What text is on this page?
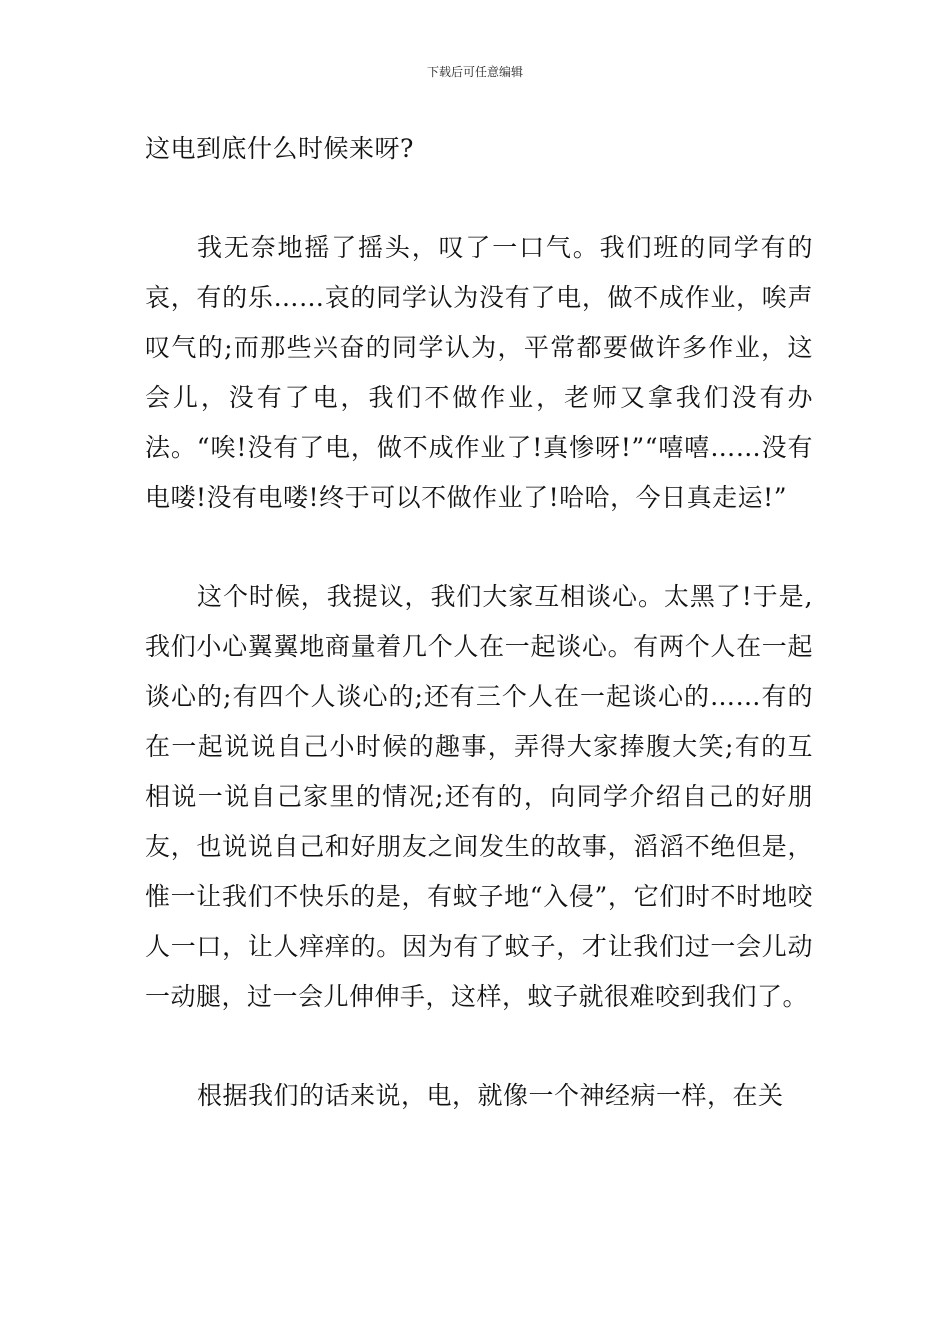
下载后可任意编辑

这电到底什么时候来呀?

我无奈地摇了摇头，叹了一口气。我们班的同学有的哀，有的乐……哀的同学认为没有了电，做不成作业，唉声叹气的;而那些兴奋的同学认为，平常都要做许多作业，这会儿，没有了电，我们不做作业，老师又拿我们没有办法。“唉!没有了电，做不成作业了!真惨呀!”“嘻嘻……没有电喽!没有电喽!终于可以不做作业了!哈哈，今日真走运!”

这个时候，我提议，我们大家互相谈心。太黑了!于是,我们小心翼翼地商量着几个人在一起谈心。有两个人在一起谈心的;有四个人谈心的;还有三个人在一起谈心的……有的在一起说说自己小时候的趣事，弄得大家捧腹大笑;有的互相说一说自己家里的情况;还有的，向同学介绍自己的好朋友，也说说自己和好朋友之间发生的故事，滔滔不绝但是，惟一让我们不快乐的是，有蚊子地“入侵”，它们时不时地咬人一口，让人痒痒的。因为有了蚊子，才让我们过一会儿动一动腿，过一会儿伸伸手，这样，蚊子就很难咬到我们了。

根据我们的话来说，电，就像一个神经病一样，在关
